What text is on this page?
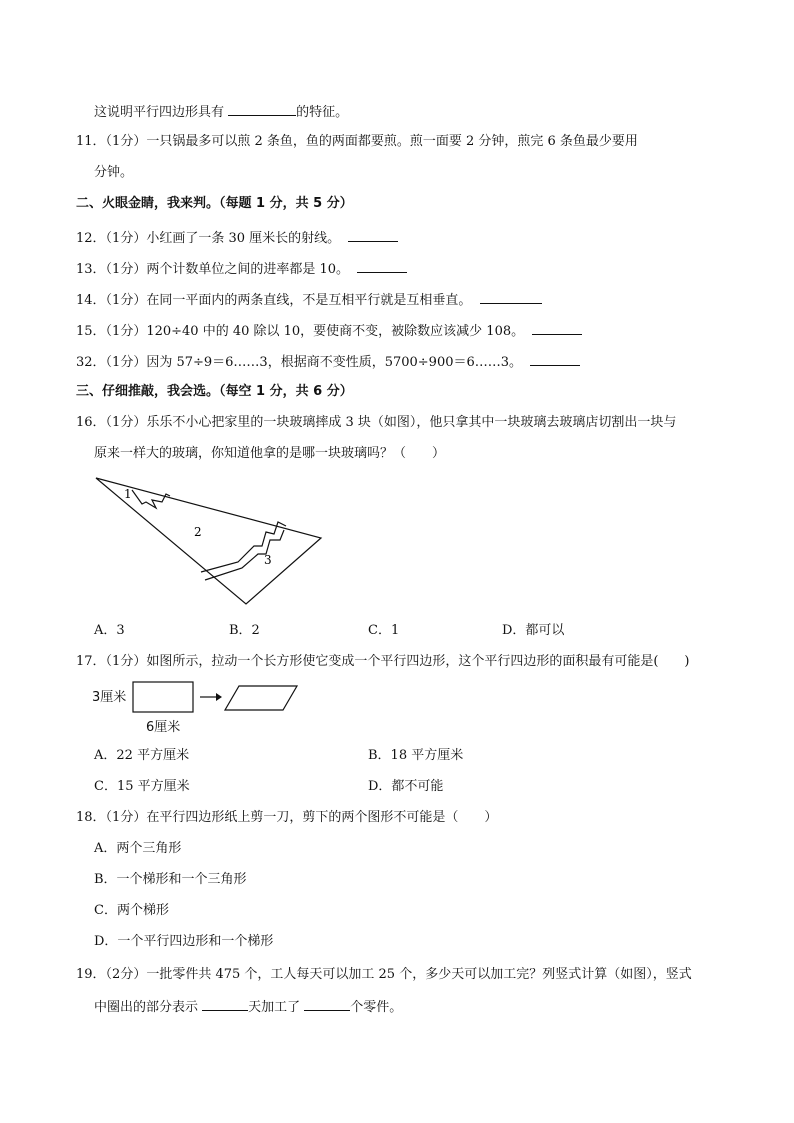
这说明平行四边形具有	的特征。
11．（1分）一只锅最多可以煎 2 条鱼，鱼的两面都要煎。煎一面要 2 分钟，煎完 6 条鱼最少要用
分钟。
二、火眼金睛，我来判。（每题 1 分，共 5 分）
12．（1分）小红画了一条 30 厘米长的射线。
13．（1分）两个计数单位之间的进率都是 10。
14．（1分）在同一平面内的两条直线，不是互相平行就是互相垂直。
15．（1分）120÷40 中的 40 除以 10，要使商不变，被除数应该减少 108。
32．（1分）因为 57÷9＝6……3，根据商不变性质，5700÷900＝6……3。
三、仔细推敲，我会选。（每空 1 分，共 6 分）
16．（1分）乐乐不小心把家里的一块玻璃摔成 3 块（如图），他只拿其中一块玻璃去玻璃店切割出一块与
原来一样大的玻璃，你知道他拿的是哪一块玻璃吗？（　　）
1
2
3
A．3	B．2	C．1	D．都可以
17．（1分）如图所示，拉动一个长方形使它变成一个平行四边形，这个平行四边形的面积最有可能是(　　)
3厘米
6厘米
A．22 平方厘米	B．18 平方厘米
C．15 平方厘米	D．都不可能
18．（1分）在平行四边形纸上剪一刀，剪下的两个图形不可能是（　　）
A．两个三角形
B．一个梯形和一个三角形
C．两个梯形
D．一个平行四边形和一个梯形
19．（2分）一批零件共 475 个，工人每天可以加工 25 个，多少天可以加工完？列竖式计算（如图），竖式
中圈出的部分表示	天加工了	个零件。
